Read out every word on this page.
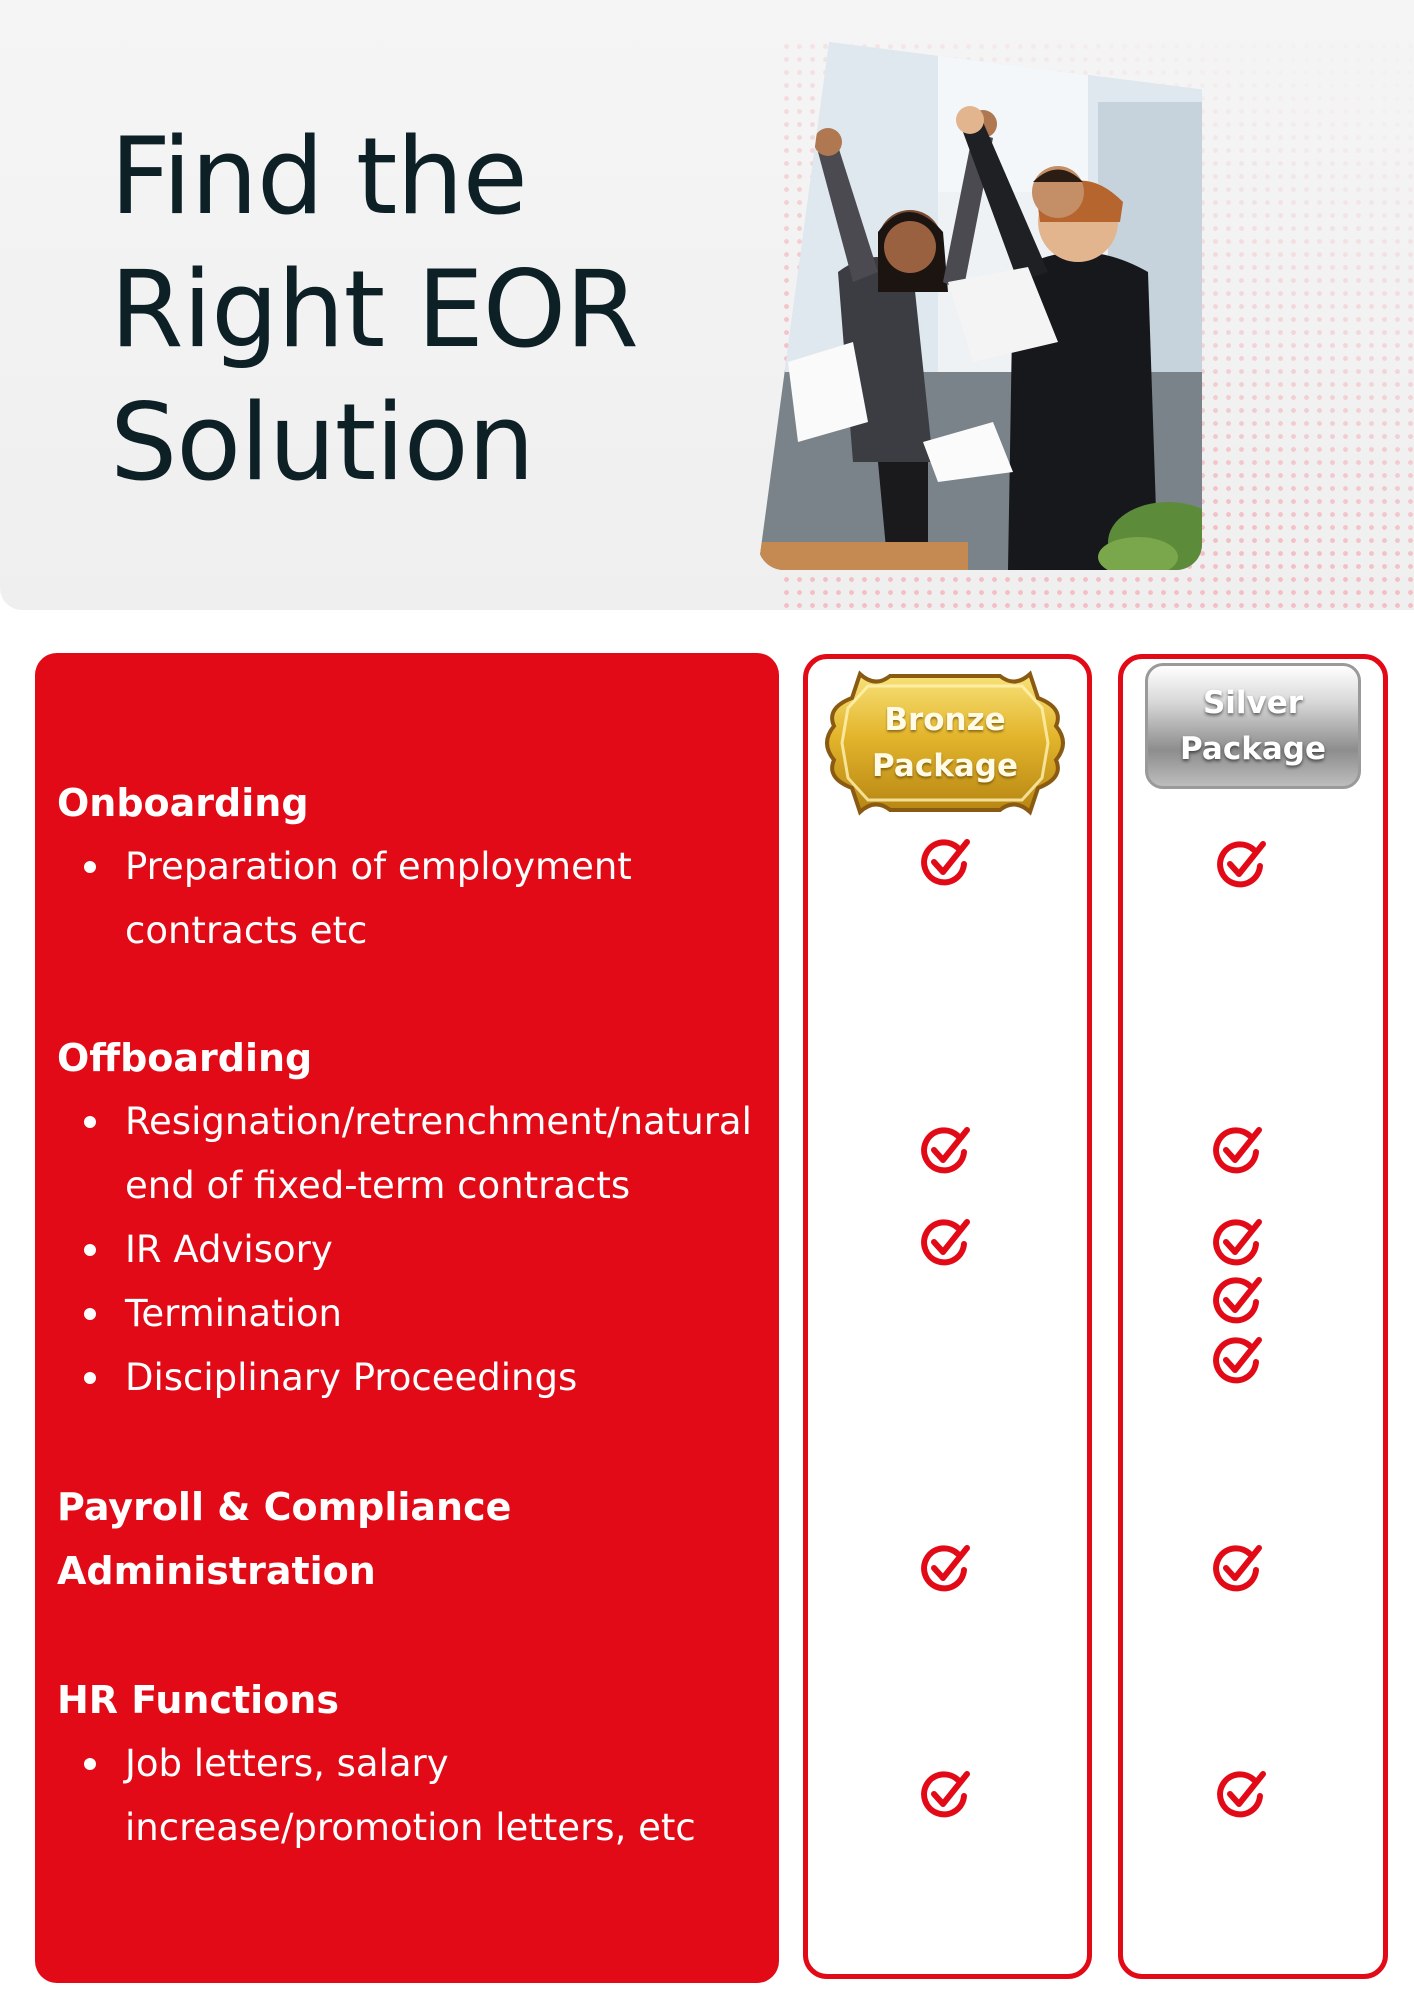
Find the
Right EOR
Solution
Onboarding
Preparation of employment contracts etc
Offboarding
Resignation/retrenchment/natural end of fixed-term contracts
IR Advisory
Termination
Disciplinary Proceedings
Payroll & Compliance Administration
HR Functions
Job letters, salary increase/promotion letters, etc
Bronze
Package
Silver
Package
